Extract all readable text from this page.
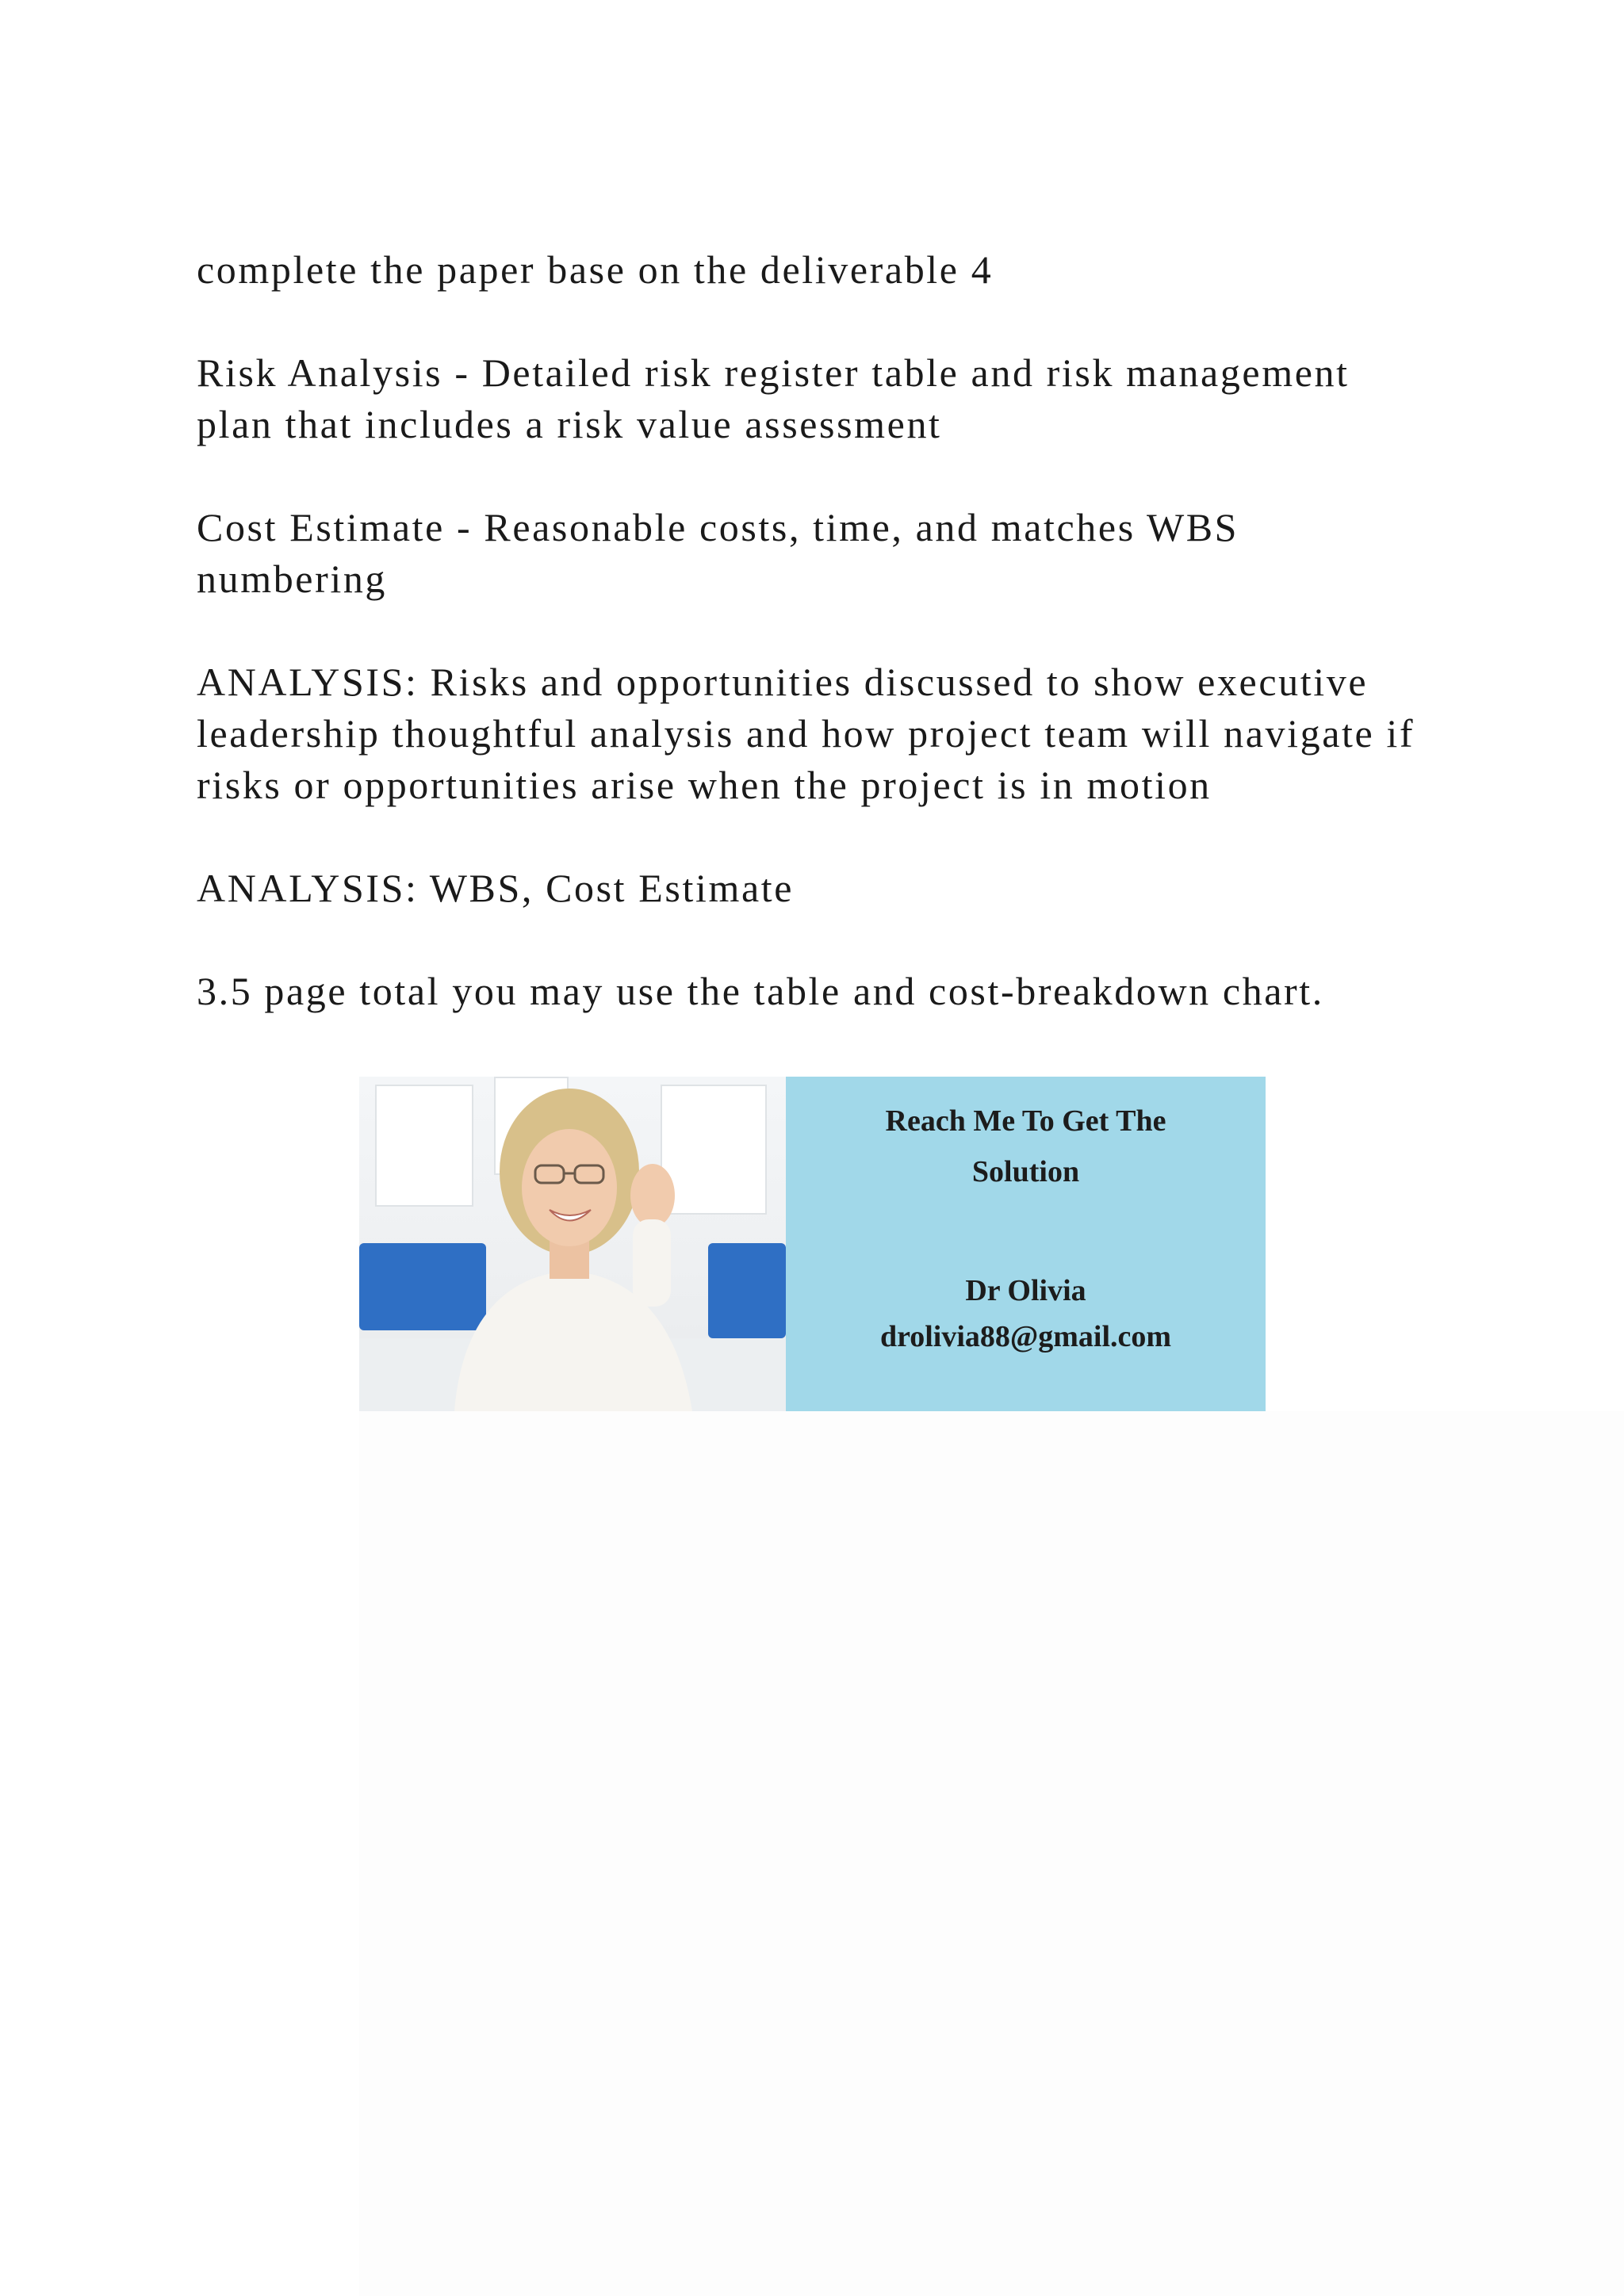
complete the paper base on the deliverable 4

Risk Analysis - Detailed risk register table and risk management plan that includes a risk value assessment

Cost Estimate - Reasonable costs, time, and matches WBS numbering

ANALYSIS: Risks and opportunities discussed to show executive leadership thoughtful analysis and how project team will navigate if risks or opportunities arise when the project is in motion

ANALYSIS: WBS, Cost Estimate

3.5 page total you may use the table and cost-breakdown chart.

Reach Me To Get The
Solution
Dr Olivia
drolivia88@gmail.com
